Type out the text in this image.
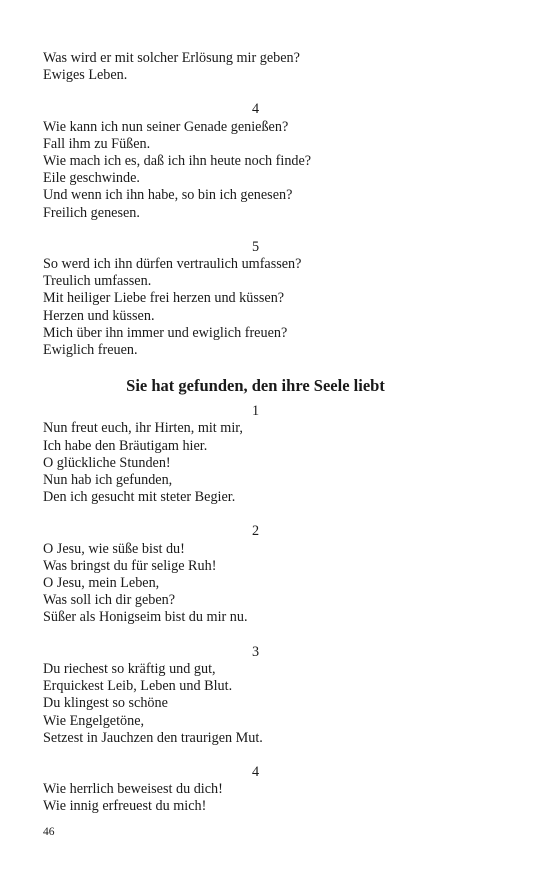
Was wird er mit solcher Erlösung mir geben?
Ewiges Leben.
4
Wie kann ich nun seiner Genade genießen?
Fall ihm zu Füßen.
Wie mach ich es, daß ich ihn heute noch finde?
Eile geschwinde.
Und wenn ich ihn habe, so bin ich genesen?
Freilich genesen.
5
So werd ich ihn dürfen vertraulich umfassen?
Treulich umfassen.
Mit heiliger Liebe frei herzen und küssen?
Herzen und küssen.
Mich über ihn immer und ewiglich freuen?
Ewiglich freuen.
Sie hat gefunden, den ihre Seele liebt
1
Nun freut euch, ihr Hirten, mit mir,
Ich habe den Bräutigam hier.
O glückliche Stunden!
Nun hab ich gefunden,
Den ich gesucht mit steter Begier.
2
O Jesu, wie süße bist du!
Was bringst du für selige Ruh!
O Jesu, mein Leben,
Was soll ich dir geben?
Süßer als Honigseim bist du mir nu.
3
Du riechest so kräftig und gut,
Erquickest Leib, Leben und Blut.
Du klingest so schöne
Wie Engelgetöne,
Setzest in Jauchzen den traurigen Mut.
4
Wie herrlich beweisest du dich!
Wie innig erfreuest du mich!
46
